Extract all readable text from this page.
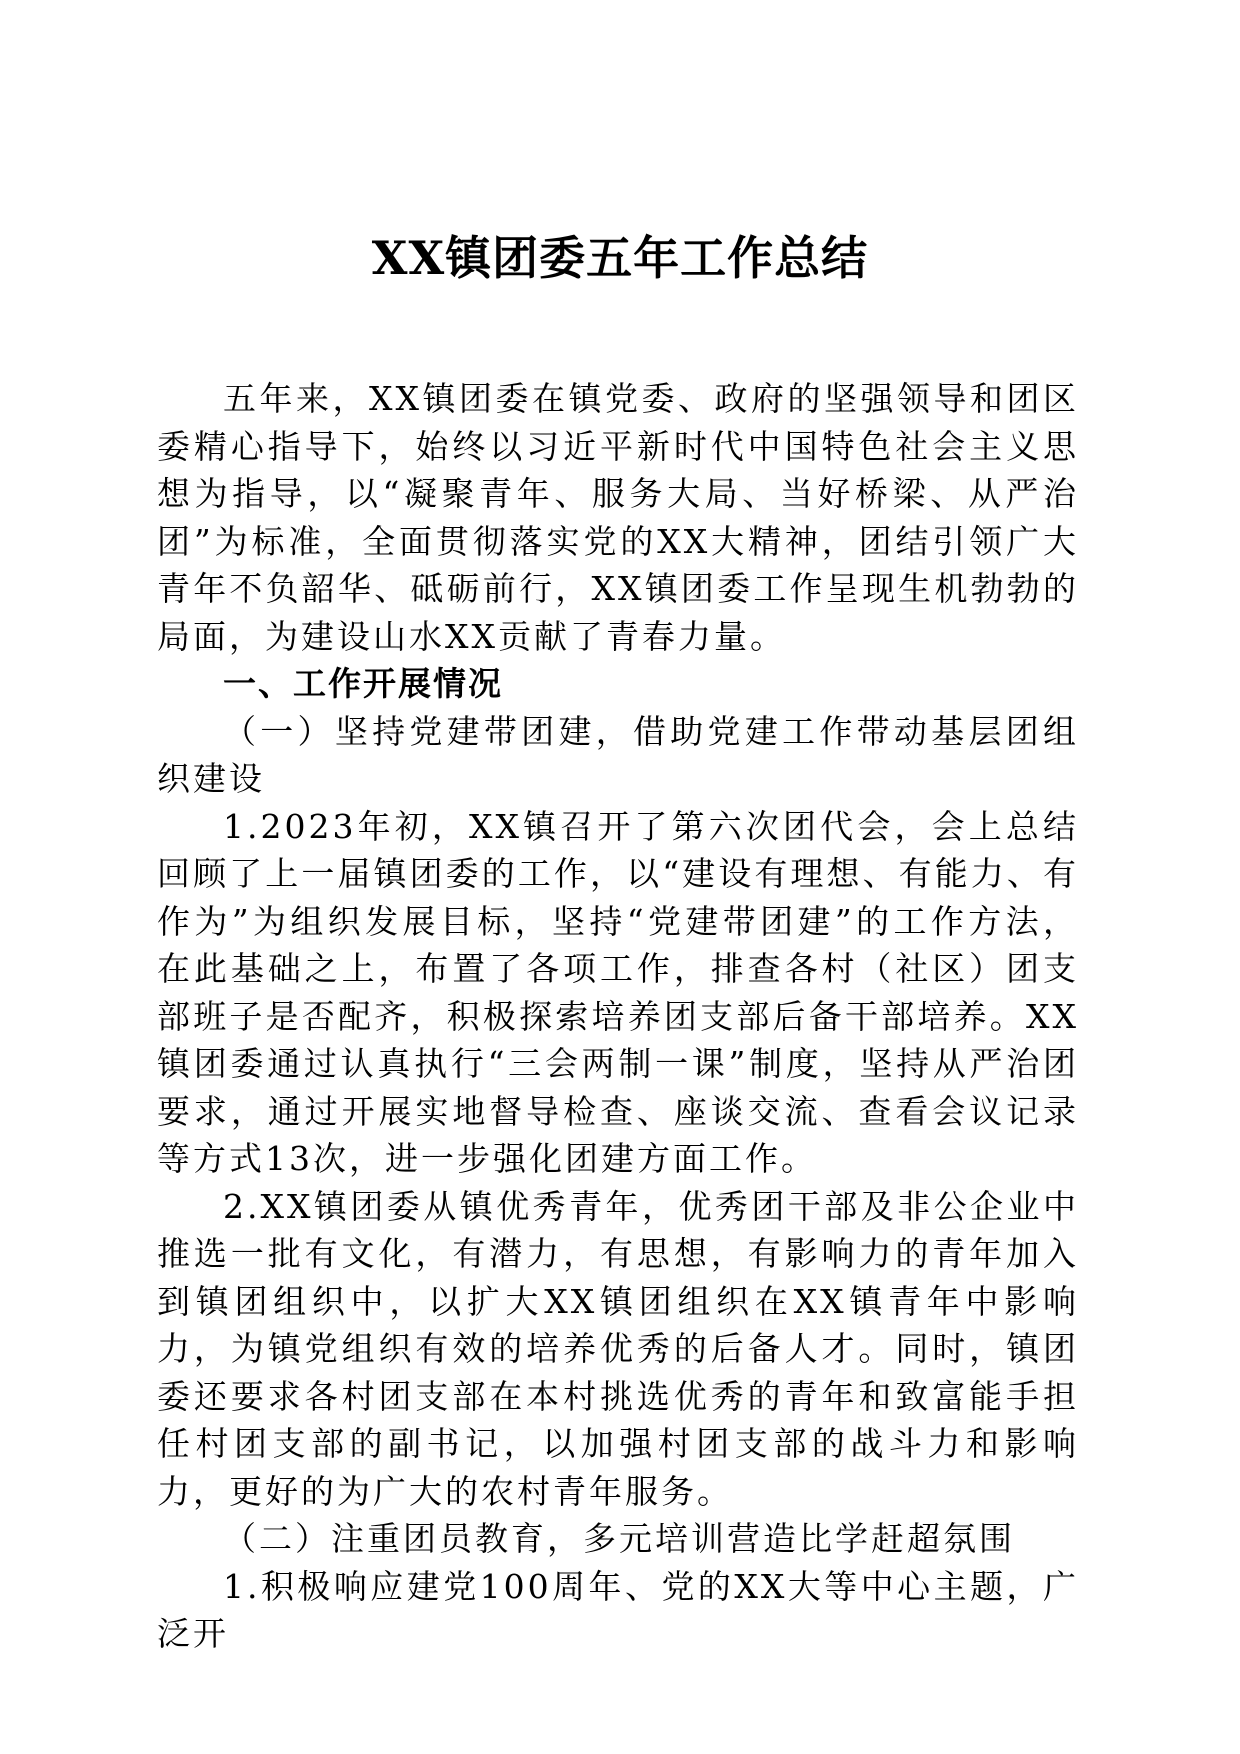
XX镇团委五年工作总结

五年来，XX镇团委在镇党委、政府的坚强领导和团区委精心指导下，始终以习近平新时代中国特色社会主义思想为指导，以“凝聚青年、服务大局、当好桥梁、从严治团”为标准，全面贯彻落实党的XX大精神，团结引领广大青年不负韶华、砥砺前行，XX镇团委工作呈现生机勃勃的局面，为建设山水XX贡献了青春力量。

一、工作开展情况

（一）坚持党建带团建，借助党建工作带动基层团组织建设

1.2023年初，XX镇召开了第六次团代会，会上总结回顾了上一届镇团委的工作，以“建设有理想、有能力、有作为”为组织发展目标，坚持“党建带团建”的工作方法，在此基础之上，布置了各项工作，排查各村（社区）团支部班子是否配齐，积极探索培养团支部后备干部培养。XX镇团委通过认真执行“三会两制一课”制度，坚持从严治团要求，通过开展实地督导检查、座谈交流、查看会议记录等方式13次，进一步强化团建方面工作。

2.XX镇团委从镇优秀青年，优秀团干部及非公企业中推选一批有文化，有潜力，有思想，有影响力的青年加入到镇团组织中，以扩大XX镇团组织在XX镇青年中影响力，为镇党组织有效的培养优秀的后备人才。同时，镇团委还要求各村团支部在本村挑选优秀的青年和致富能手担任村团支部的副书记，以加强村团支部的战斗力和影响力，更好的为广大的农村青年服务。

（二）注重团员教育，多元培训营造比学赶超氛围

1.积极响应建党100周年、党的XX大等中心主题，广泛开
